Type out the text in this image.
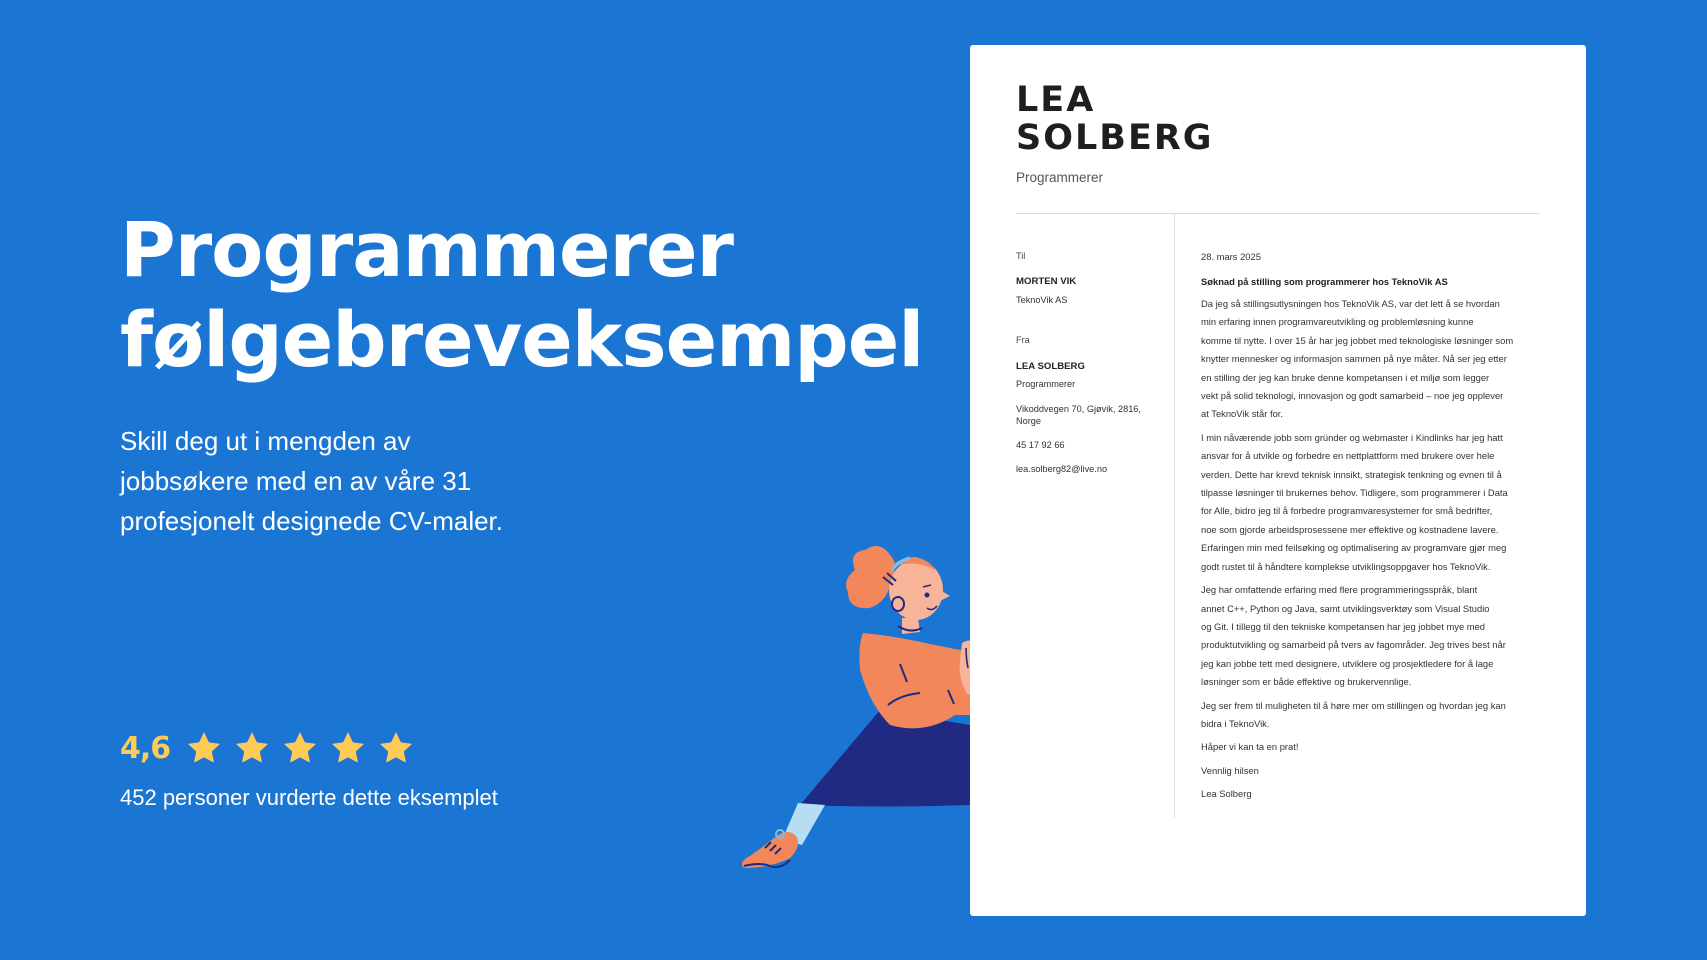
Programmerer
følgebreveksempel
Skill deg ut i mengden av
jobbsøkere med en av våre 31
profesjonelt designede CV-maler.
4,6
452 personer vurderte dette eksemplet
LEA
SOLBERG
Programmerer

Til

MORTEN VIK

TeknoVik AS

Fra

LEA SOLBERG

Programmerer

Vikoddvegen 70, Gjøvik, 2816,

Norge

45 17 92 66

lea.solberg82@live.no

28. mars 2025

Søknad på stilling som programmerer hos TeknoVik AS

Da jeg så stillingsutlysningen hos TeknoVik AS, var det lett å se hvordan
min erfaring innen programvareutvikling og problemløsning kunne
komme til nytte. I over 15 år har jeg jobbet med teknologiske løsninger som
knytter mennesker og informasjon sammen på nye måter. Nå ser jeg etter
en stilling der jeg kan bruke denne kompetansen i et miljø som legger
vekt på solid teknologi, innovasjon og godt samarbeid – noe jeg opplever
at TeknoVik står for.
I min nåværende jobb som gründer og webmaster i Kindlinks har jeg hatt
ansvar for å utvikle og forbedre en nettplattform med brukere over hele
verden. Dette har krevd teknisk innsikt, strategisk tenkning og evnen til å
tilpasse løsninger til brukernes behov. Tidligere, som programmerer i Data
for Alle, bidro jeg til å forbedre programvaresystemer for små bedrifter,
noe som gjorde arbeidsprosessene mer effektive og kostnadene lavere.
Erfaringen min med feilsøking og optimalisering av programvare gjør meg
godt rustet til å håndtere komplekse utviklingsoppgaver hos TeknoVik.
Jeg har omfattende erfaring med flere programmeringsspråk, blant
annet C++, Python og Java, samt utviklingsverktøy som Visual Studio
og Git. I tillegg til den tekniske kompetansen har jeg jobbet mye med
produktutvikling og samarbeid på tvers av fagområder. Jeg trives best når
jeg kan jobbe tett med designere, utviklere og prosjektledere for å lage
løsninger som er både effektive og brukervennlige.
Jeg ser frem til muligheten til å høre mer om stillingen og hvordan jeg kan
bidra i TeknoVik.

Håper vi kan ta en prat!

Vennlig hilsen

Lea Solberg
